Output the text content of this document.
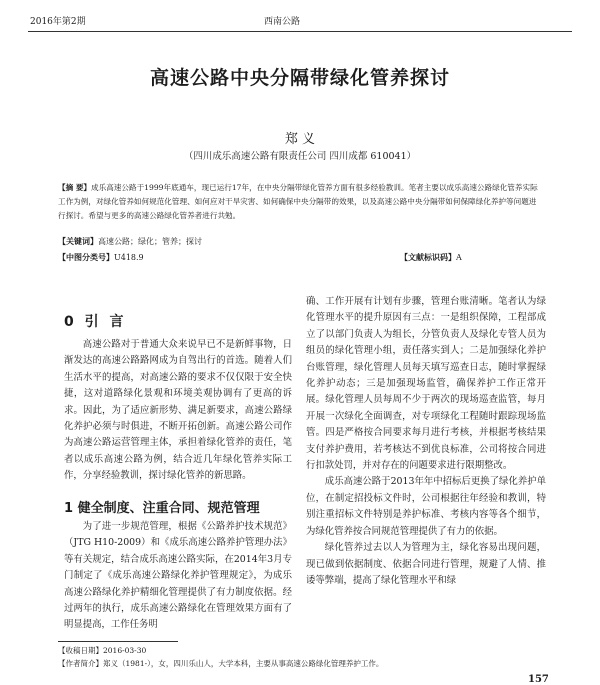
2016年第2期	西南公路
高速公路中央分隔带绿化管养探讨
郑 义
（四川成乐高速公路有限责任公司 四川成都 610041）
【摘 要】成乐高速公路于1999年底通车，现已运行17年，在中央分隔带绿化管养方面有很多经验教训。笔者主要以成乐高速公路绿化管养实际工作为例，对绿化管养如何规范化管理、如何应对干旱灾害、如何确保中央分隔带的效果，以及高速公路中央分隔带如何保障绿化养护等问题进行探讨。希望与更多的高速公路绿化管养者进行共勉。
【关键词】高速公路；绿化；管养；探讨
【中图分类号】U418.9	【文献标识码】A
0 引 言

高速公路对于普通大众来说早已不是新鲜事物，日渐发达的高速公路路网成为自驾出行的首选。随着人们生活水平的提高，对高速公路的要求不仅仅限于安全快捷，这对道路绿化景观和环境美观协调有了更高的诉求。因此，为了适应新形势、满足新要求，高速公路绿化养护必须与时俱进，不断开拓创新。高速公路公司作为高速公路运营管理主体，承担着绿化管养的责任，笔者以成乐高速公路为例，结合近几年绿化管养实际工作，分享经验教训，探讨绿化管养的新思路。

1 健全制度、注重合同、规范管理

为了进一步规范管理，根据《公路养护技术规范》（JTG H10-2009）和《成乐高速公路养护管理办法》等有关规定，结合成乐高速公路实际，在2014年3月专门制定了《成乐高速公路绿化养护管理规定》，为成乐高速公路绿化养护精细化管理提供了有力制度依据。经过两年的执行，成乐高速公路绿化在管理效果方面有了明显提高，工作任务明

确、工作开展有计划有步骤，管理台账清晰。笔者认为绿化管理水平的提升原因有三点：一是组织保障，工程部成立了以部门负责人为组长，分管负责人及绿化专管人员为组员的绿化管理小组，责任落实到人；二是加强绿化养护台账管理，绿化管理人员每天填写巡查日志，随时掌握绿化养护动态；三是加强现场监管，确保养护工作正常开展。绿化管理人员每周不少于两次的现场巡查监管，每月开展一次绿化全面调查，对专项绿化工程随时跟踪现场监管。四是严格按合同要求每月进行考核，并根据考核结果支付养护费用，若考核达不到优良标准，公司将按合同进行扣款处罚，并对存在的问题要求进行限期整改。

成乐高速公路于2013年年中招标后更换了绿化养护单位，在制定招投标文件时，公司根据往年经验和教训，特别注重招标文件特别是养护标准、考核内容等各个细节，为绿化管养按合同规范管理提供了有力的依据。

绿化管养过去以人为管理为主，绿化容易出现问题，现已做到依据制度、依据合同进行管理，规避了人情、推诿等弊端，提高了绿化管理水平和绿

【收稿日期】2016-03-30
【作者简介】郑义（1981-），女，四川乐山人，大学本科，主要从事高速公路绿化管理养护工作。
157
